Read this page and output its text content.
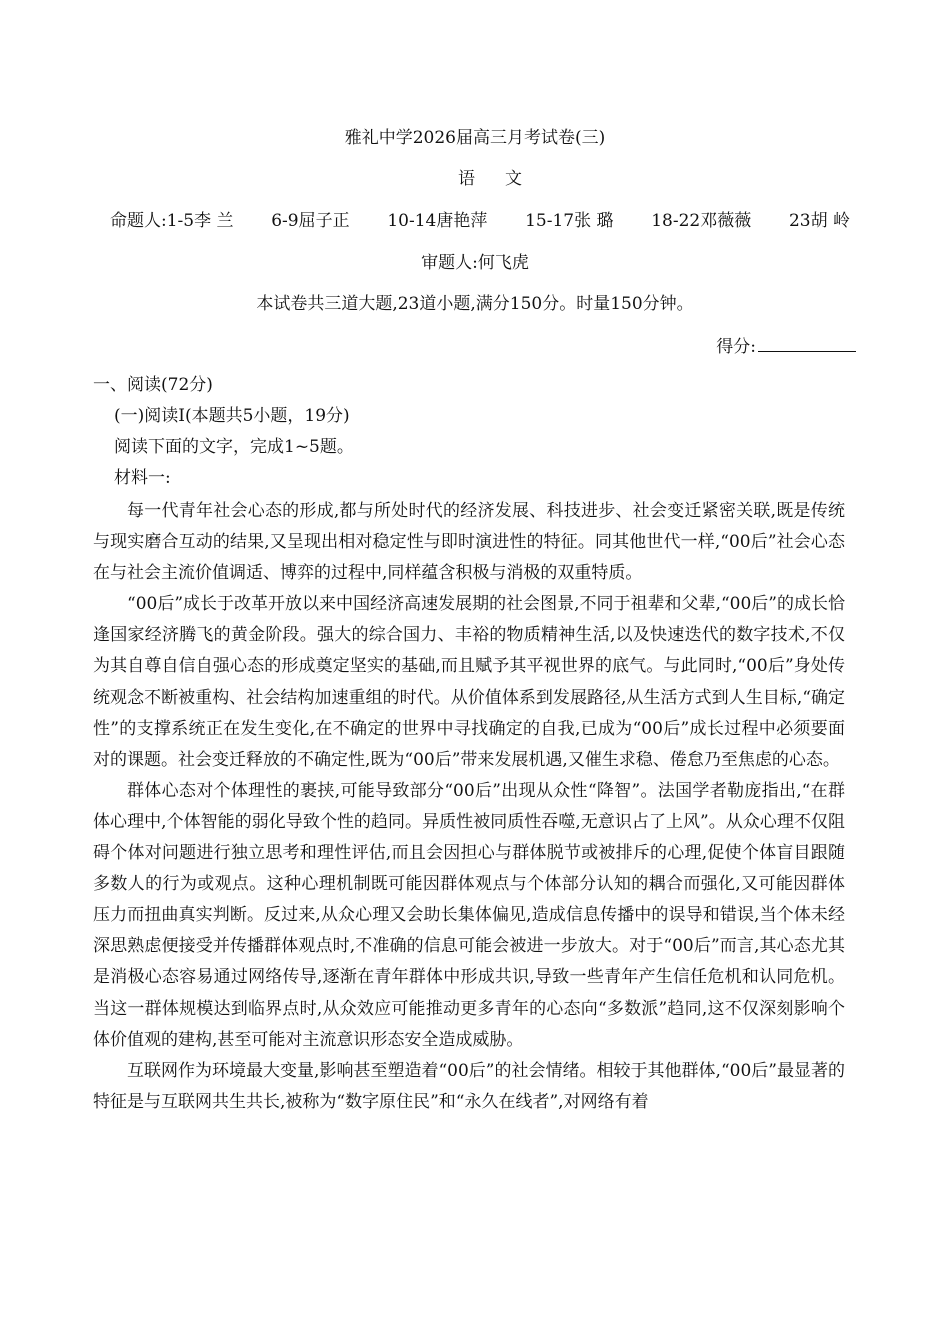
雅礼中学2026届高三月考试卷(三)
语文
命题人:1-5李 兰 6-9屈子正 10-14唐艳萍 15-17张 璐 18-22邓薇薇 23胡 岭
审题人:何飞虎
本试卷共三道大题,23道小题,满分150分。时量150分钟。
得分:
一、阅读(72分)
(一)阅读Ⅰ(本题共5小题，19分)
阅读下面的文字，完成1~5题。
材料一:

每一代青年社会心态的形成,都与所处时代的经济发展、科技进步、社会变迁紧密关联,既是传统与现实磨合互动的结果,又呈现出相对稳定性与即时演进性的特征。同其他世代一样,“00后”社会心态在与社会主流价值调适、博弈的过程中,同样蕴含积极与消极的双重特质。

“00后”成长于改革开放以来中国经济高速发展期的社会图景,不同于祖辈和父辈,“00后”的成长恰逢国家经济腾飞的黄金阶段。强大的综合国力、丰裕的物质精神生活,以及快速迭代的数字技术,不仅为其自尊自信自强心态的形成奠定坚实的基础,而且赋予其平视世界的底气。与此同时,“00后”身处传统观念不断被重构、社会结构加速重组的时代。从价值体系到发展路径,从生活方式到人生目标,“确定性”的支撑系统正在发生变化,在不确定的世界中寻找确定的自我,已成为“00后”成长过程中必须要面对的课题。社会变迁释放的不确定性,既为“00后”带来发展机遇,又催生求稳、倦怠乃至焦虑的心态。

群体心态对个体理性的裹挟,可能导致部分“00后”出现从众性“降智”。法国学者勒庞指出,“在群体心理中,个体智能的弱化导致个性的趋同。异质性被同质性吞噬,无意识占了上风”。从众心理不仅阻碍个体对问题进行独立思考和理性评估,而且会因担心与群体脱节或被排斥的心理,促使个体盲目跟随多数人的行为或观点。这种心理机制既可能因群体观点与个体部分认知的耦合而强化,又可能因群体压力而扭曲真实判断。反过来,从众心理又会助长集体偏见,造成信息传播中的误导和错误,当个体未经深思熟虑便接受并传播群体观点时,不准确的信息可能会被进一步放大。对于“00后”而言,其心态尤其是消极心态容易通过网络传导,逐渐在青年群体中形成共识,导致一些青年产生信任危机和认同危机。当这一群体规模达到临界点时,从众效应可能推动更多青年的心态向“多数派”趋同,这不仅深刻影响个体价值观的建构,甚至可能对主流意识形态安全造成威胁。

互联网作为环境最大变量,影响甚至塑造着“00后”的社会情绪。相较于其他群体,“00后”最显著的特征是与互联网共生共长,被称为“数字原住民”和“永久在线者”,对网络有着
